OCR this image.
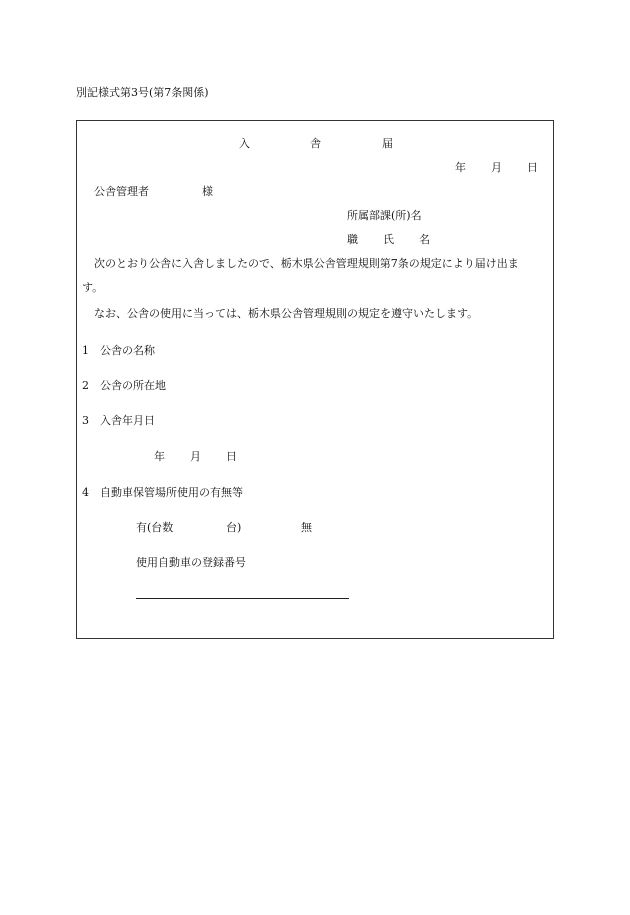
別記様式第3号(第7条関係)
入	舎	届
年 月 日
公舎管理者	様
所属部課(所)名
職 氏 名
次のとおり公舎に入舎しましたので、栃木県公舎管理規則第7条の規定により届け出ま
す。
なお、公舎の使用に当っては、栃木県公舎管理規則の規定を遵守いたします。
1 公舎の名称
2 公舎の所在地
3 入舎年月日
年 月 日
4 自動車保管場所使用の有無等
有(台数	台)	無
使用自動車の登録番号
